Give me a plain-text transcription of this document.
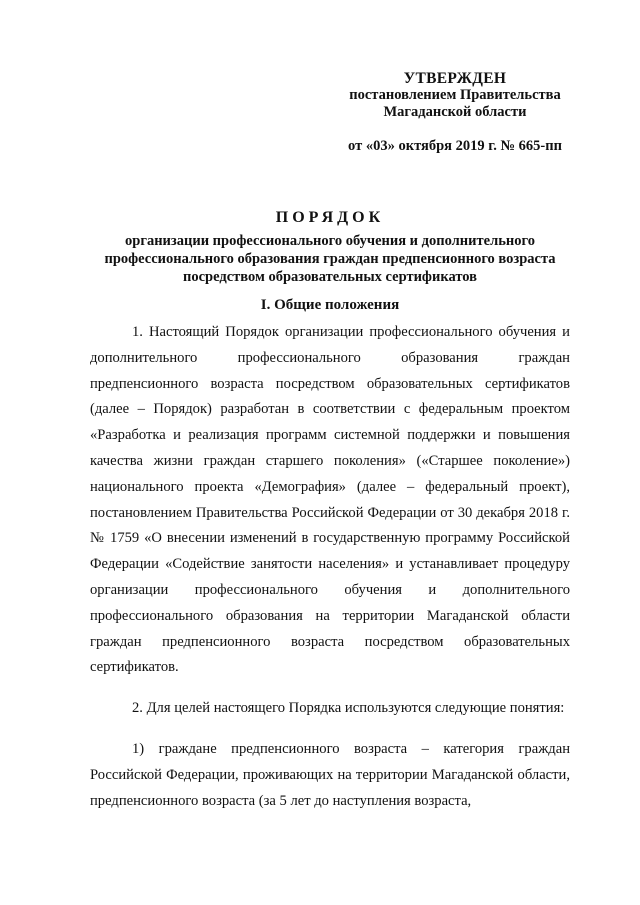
УТВЕРЖДЕН
постановлением Правительства
Магаданской области
от «03» октября 2019 г. № 665-пп
ПОРЯДОК
организации профессионального обучения и дополнительного профессионального образования граждан предпенсионного возраста посредством образовательных сертификатов
I. Общие положения

1. Настоящий Порядок организации профессионального обучения и дополнительного профессионального образования граждан предпенсионного возраста посредством образовательных сертификатов (далее – Порядок) разработан в соответствии с федеральным проектом «Разработка и реализация программ системной поддержки и повышения качества жизни граждан старшего поколения» («Старшее поколение») национального проекта «Демография» (далее – федеральный проект), постановлением Правительства Российской Федерации от 30 декабря 2018 г. № 1759 «О внесении изменений в государственную программу Российской Федерации «Содействие занятости населения» и устанавливает процедуру организации профессионального обучения и дополнительного профессионального образования на территории Магаданской области граждан предпенсионного возраста посредством образовательных сертификатов.

2. Для целей настоящего Порядка используются следующие понятия:

1) граждане предпенсионного возраста – категория граждан Российской Федерации, проживающих на территории Магаданской области, предпенсионного возраста (за 5 лет до наступления возраста,
